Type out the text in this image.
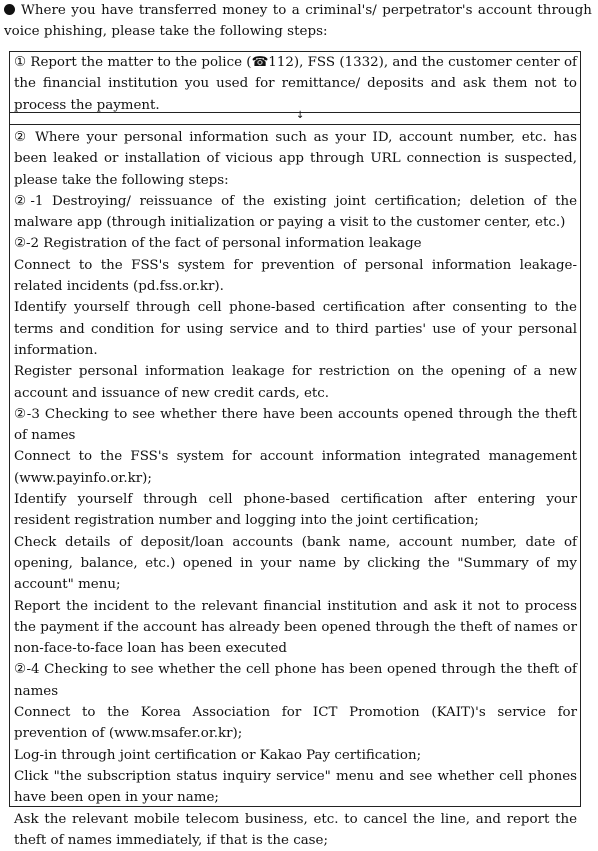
Where you have transferred money to a criminal's/ perpetrator's account through voice phishing, please take the following steps:
① Report the matter to the police (☎112), FSS (1332), and the customer center of the financial institution you used for remittance/ deposits and ask them not to process the payment.
↓

② Where your personal information such as your ID, account number, etc. has been leaked or installation of vicious app through URL connection is suspected, please take the following steps:

②-1 Destroying/ reissuance of the existing joint certification; deletion of the malware app (through initialization or paying a visit to the customer center, etc.)

②-2 Registration of the fact of personal information leakage

Connect to the FSS's system for prevention of personal information leakage-related incidents (pd.fss.or.kr).

Identify yourself through cell phone-based certification after consenting to the terms and condition for using service and to third parties' use of your personal information.

Register personal information leakage for restriction on the opening of a new account and issuance of new credit cards, etc.

②-3 Checking to see whether there have been accounts opened through the theft of names

Connect to the FSS's system for account information integrated management (www.payinfo.or.kr);

Identify yourself through cell phone-based certification after entering your resident registration number and logging into the joint certification;

Check details of deposit/loan accounts (bank name, account number, date of opening, balance, etc.) opened in your name by clicking the "Summary of my account" menu;

Report the incident to the relevant financial institution and ask it not to process the payment if the account has already been opened through the theft of names or non-face-to-face loan has been executed

②-4 Checking to see whether the cell phone has been opened through the theft of names

Connect to the Korea Association for ICT Promotion (KAIT)'s service for prevention of (www.msafer.or.kr);

Log-in through joint certification or Kakao Pay certification;

Click "the subscription status inquiry service" menu and see whether cell phones have been open in your name;

Ask the relevant mobile telecom business, etc. to cancel the line, and report the theft of names immediately, if that is the case;
